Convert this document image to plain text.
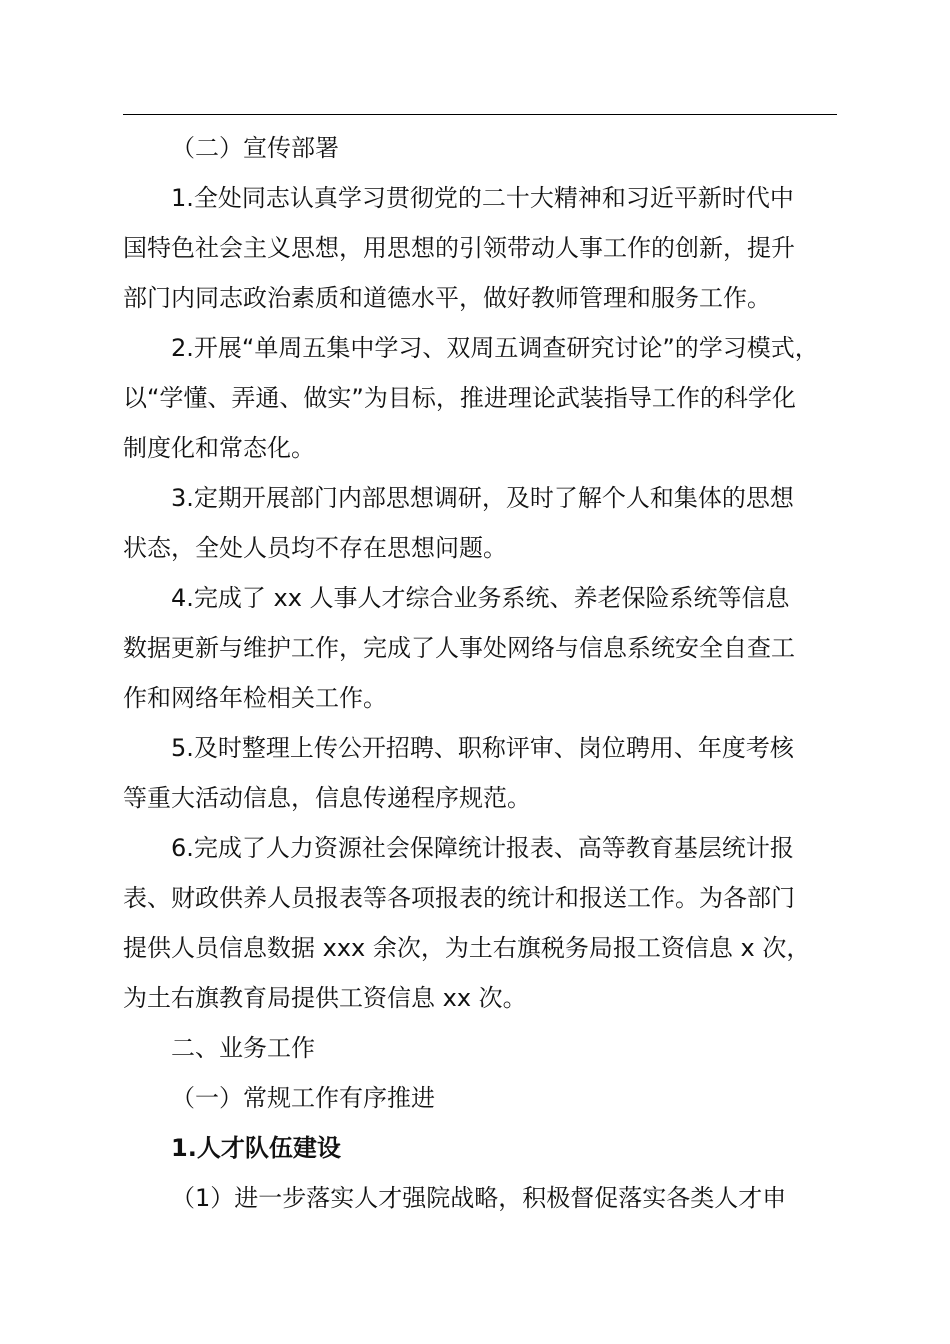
（二）宣传部署
1.全处同志认真学习贯彻党的二十大精神和习近平新时代中
国特色社会主义思想，用思想的引领带动人事工作的创新，提升
部门内同志政治素质和道德水平，做好教师管理和服务工作。
2.开展“单周五集中学习、双周五调查研究讨论”的学习模式，
以“学懂、弄通、做实”为目标，推进理论武装指导工作的科学化
制度化和常态化。
3.定期开展部门内部思想调研，及时了解个人和集体的思想
状态，全处人员均不存在思想问题。
4.完成了 xx 人事人才综合业务系统、养老保险系统等信息
数据更新与维护工作，完成了人事处网络与信息系统安全自查工
作和网络年检相关工作。
5.及时整理上传公开招聘、职称评审、岗位聘用、年度考核
等重大活动信息，信息传递程序规范。
6.完成了人力资源社会保障统计报表、高等教育基层统计报
表、财政供养人员报表等各项报表的统计和报送工作。为各部门
提供人员信息数据 xxx 余次，为土右旗税务局报工资信息 x 次，
为土右旗教育局提供工资信息 xx 次。
二、业务工作
（一）常规工作有序推进
1.人才队伍建设
（1）进一步落实人才强院战略，积极督促落实各类人才申
